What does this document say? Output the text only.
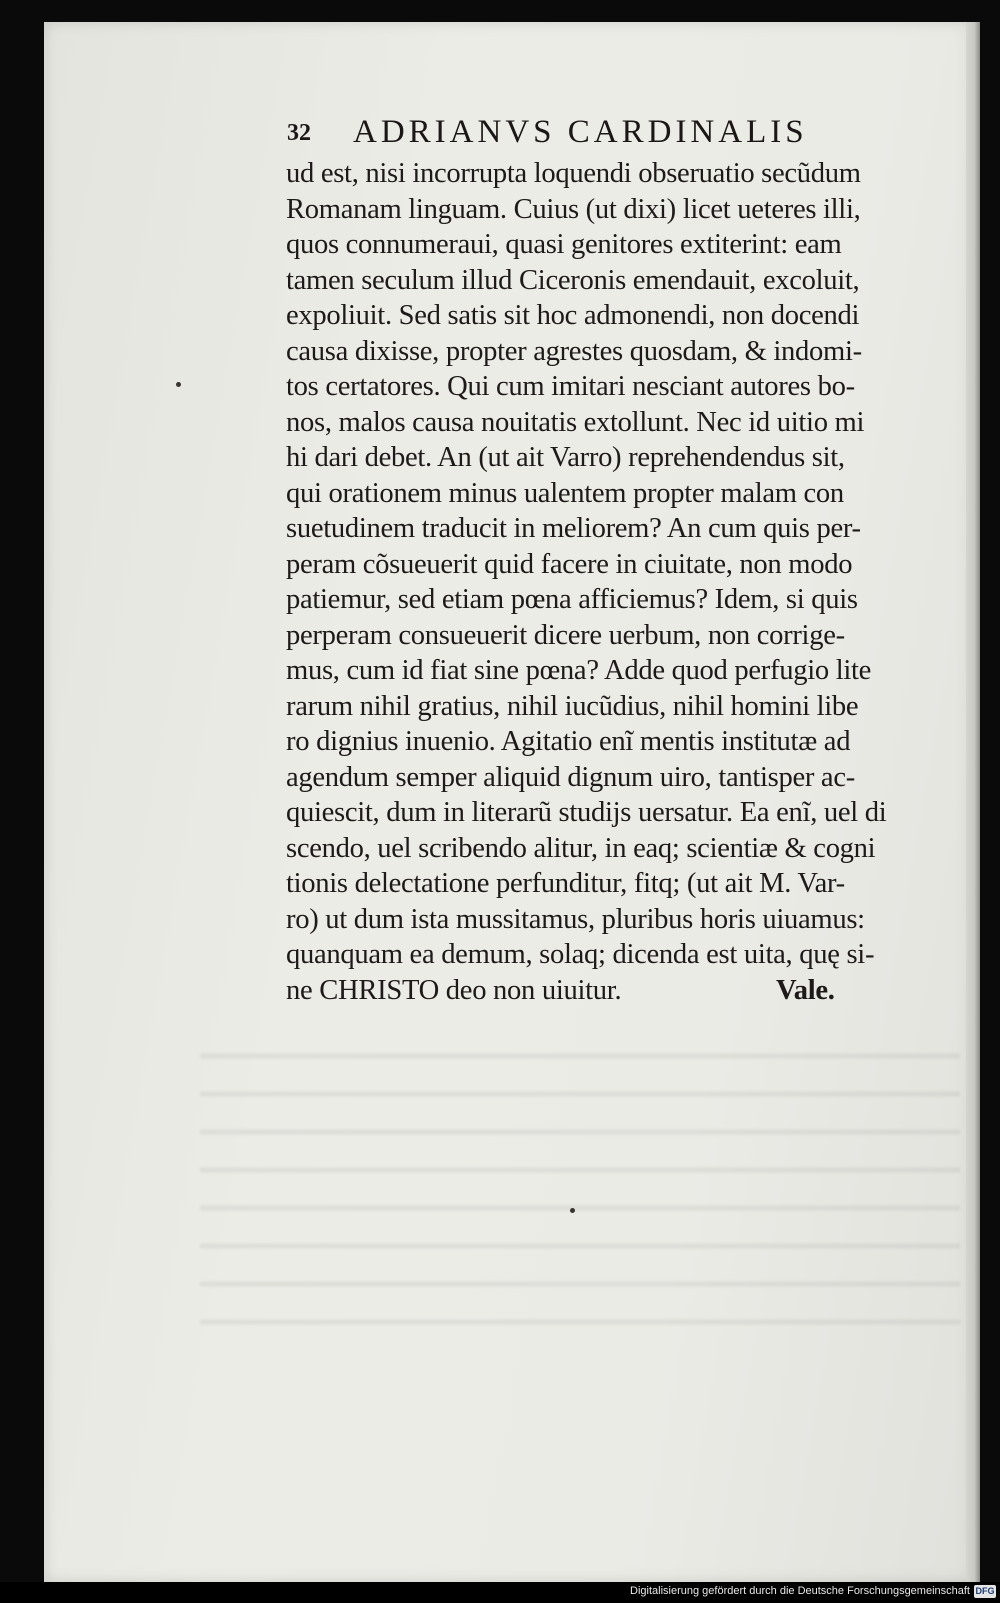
32 ADRIANVS CARDINALIS
ud est, nisi incorrupta loquendi obseruatio secũdum
Romanam linguam. Cuius (ut dixi) licet ueteres illi,
quos connumeraui, quasi genitores extiterint: eam
tamen seculum illud Ciceronis emendauit, excoluit,
expoliuit. Sed satis sit hoc admonendi, non docendi
causa dixisse, propter agrestes quosdam, & indomi-
tos certatores. Qui cum imitari nesciant autores bo-
nos, malos causa nouitatis extollunt. Nec id uitio mi
hi dari debet. An (ut ait Varro) reprehendendus sit,
qui orationem minus ualentem propter malam con
suetudinem traducit in meliorem? An cum quis per-
peram cõsueuerit quid facere in ciuitate, non modo
patiemur, sed etiam pœna afficiemus? Idem, si quis
perperam consueuerit dicere uerbum, non corrige-
mus, cum id fiat sine pœna? Adde quod perfugio lite
rarum nihil gratius, nihil iucũdius, nihil homini libe
ro dignius inuenio. Agitatio enĩ mentis institutæ ad
agendum semper aliquid dignum uiro, tantisper ac-
quiescit, dum in literarũ studijs uersatur. Ea enĩ, uel di
scendo, uel scribendo alitur, in eaq; scientiæ & cogni
tionis delectatione perfunditur, fitq; (ut ait M. Var-
ro) ut dum ista mussitamus, pluribus horis uiuamus:
quanquam ea demum, solaq; dicenda est uita, quę si-
ne CHRISTO deo non uiuitur.	Vale.
Digitalisierung gefördert durch die Deutsche Forschungsgemeinschaft DFG
